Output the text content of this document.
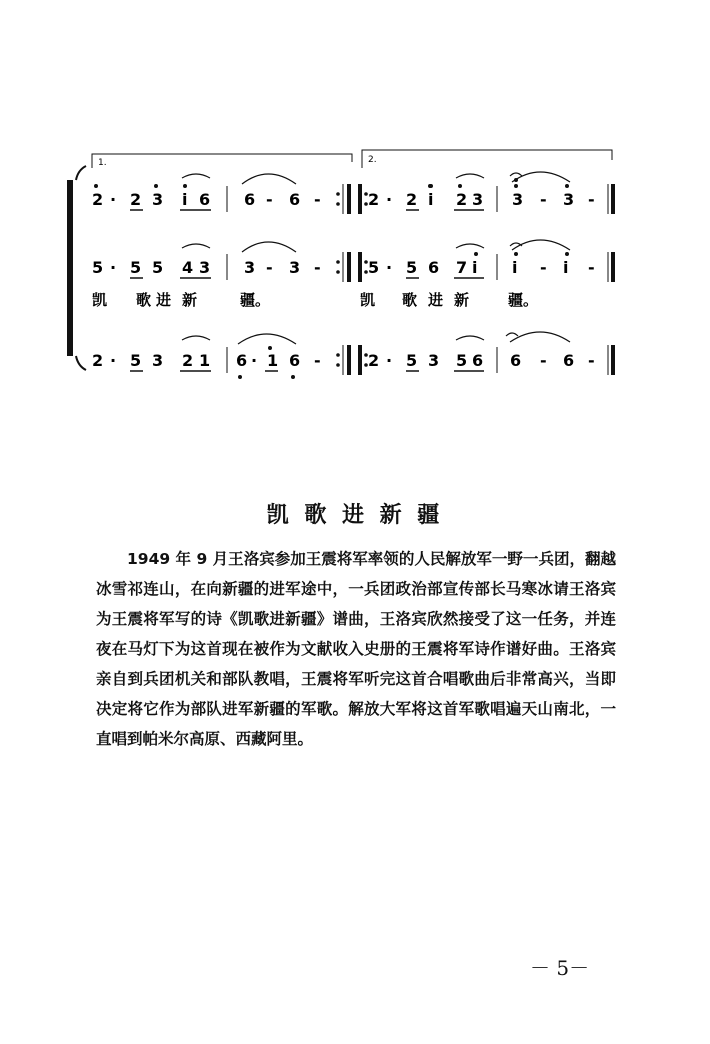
1.	2.
2 · 2 3 i 6 6 - 6 -	2 · 2 i 2 3 3 - 3 -
5 · 5 5 4 3 3 - 3 -	5 · 5 6 7 i i - i -
凯 歌 进 新	疆。	凯 歌 进 新	疆。
2 · 5 3 2 1 6 · 1 6 -	2 · 5 3 5 6 6 - 6 -
凯 歌 进 新 疆

1949 年 9 月王洛宾参加王震将军率领的人民解放军一野一兵团，翻越冰雪祁连山，在向新疆的进军途中，一兵团政治部宣传部长马寒冰请王洛宾为王震将军写的诗《凯歌进新疆》谱曲，王洛宾欣然接受了这一任务，并连夜在马灯下为这首现在被作为文献收入史册的王震将军诗作谱好曲。王洛宾亲自到兵团机关和部队教唱，王震将军听完这首合唱歌曲后非常高兴，当即决定将它作为部队进军新疆的军歌。解放大军将这首军歌唱遍天山南北，一直唱到帕米尔高原、西藏阿里。

－ 5－
